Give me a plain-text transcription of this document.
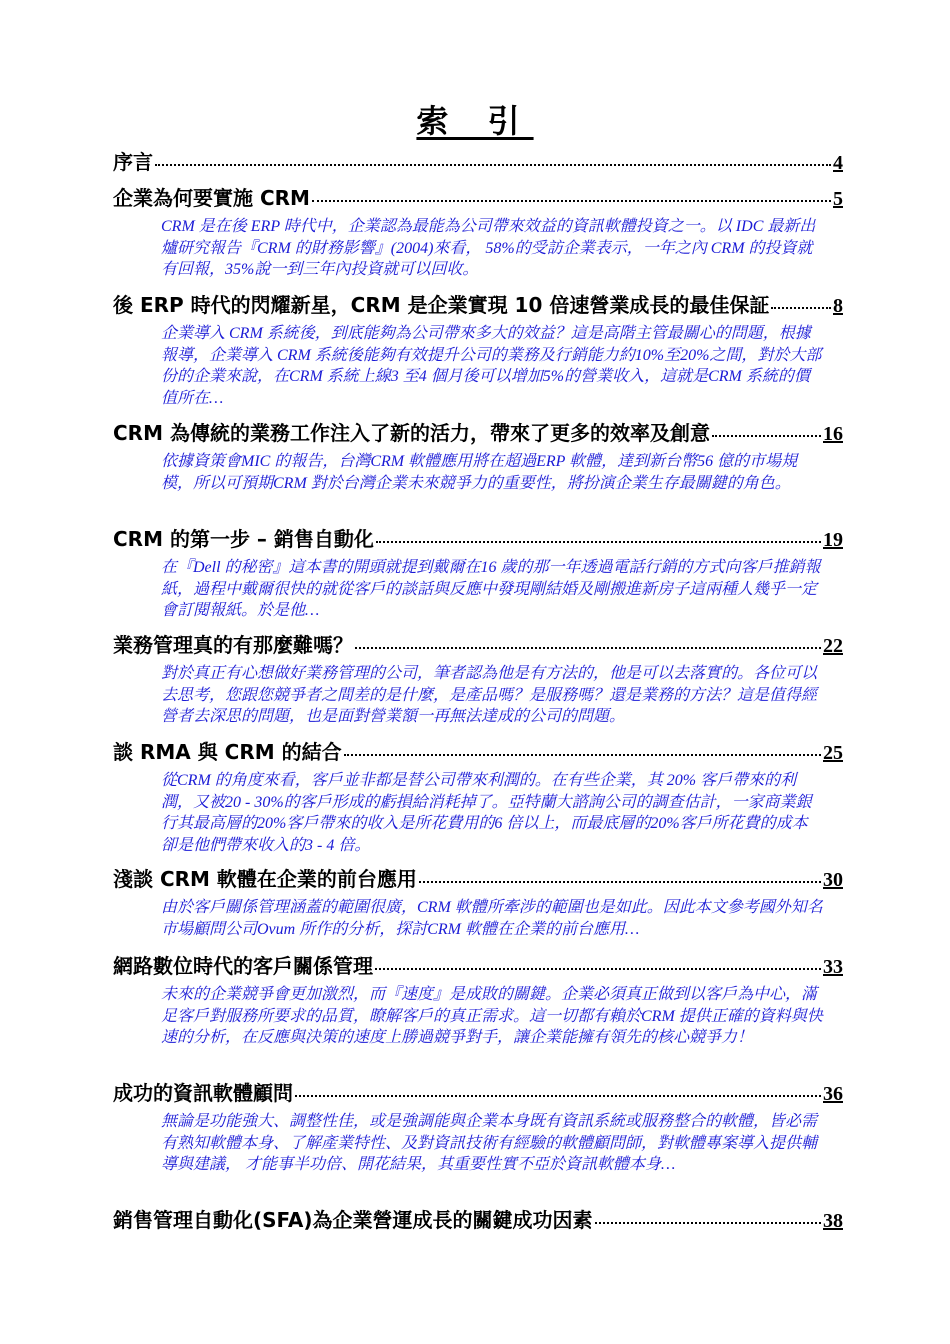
索 引
序言	4
企業為何要實施 CRM	5
CRM 是在後 ERP 時代中，企業認為最能為公司帶來效益的資訊軟體投資之一。以 IDC 最新出爐研究報告『CRM 的財務影響』(2004)來看， 58%的受訪企業表示，一年之內 CRM 的投資就有回報，35%說一到三年內投資就可以回收。
後 ERP 時代的閃耀新星，CRM 是企業實現 10 倍速營業成長的最佳保証	8
企業導入 CRM 系統後，到底能夠為公司帶來多大的效益？這是高階主管最關心的問題，根據報導，企業導入 CRM 系統後能夠有效提升公司的業務及行銷能力約10%至20%之間，對於大部份的企業來說，在CRM 系統上線3 至4 個月後可以增加5%的營業收入，這就是CRM 系統的價值所在…
CRM 為傳統的業務工作注入了新的活力，帶來了更多的效率及創意	16
依據資策會MIC 的報告，台灣CRM 軟體應用將在超過ERP 軟體，達到新台幣56 億的市場規模，所以可預期CRM 對於台灣企業未來競爭力的重要性，將扮演企業生存最關鍵的角色。
CRM 的第一步 – 銷售自動化	19
在『Dell 的秘密』這本書的開頭就提到戴爾在16 歲的那一年透過電話行銷的方式向客戶推銷報紙，過程中戴爾很快的就從客戶的談話與反應中發現剛結婚及剛搬進新房子這兩種人幾乎一定會訂閱報紙。於是他…
業務管理真的有那麼難嗎？	22
對於真正有心想做好業務管理的公司，筆者認為他是有方法的，他是可以去落實的。各位可以去思考，您跟您競爭者之間差的是什麼，是產品嗎？是服務嗎？還是業務的方法？這是值得經營者去深思的問題，也是面對營業額一再無法達成的公司的問題。
談 RMA 與 CRM 的結合	25
從CRM 的角度來看，客戶並非都是替公司帶來利潤的。在有些企業，其 20% 客戶帶來的利潤，又被20 - 30%的客戶形成的虧損給消耗掉了。亞特蘭大諮詢公司的調查估計，一家商業銀行其最高層的20%客戶帶來的收入是所花費用的6 倍以上，而最底層的20%客戶所花費的成本卻是他們帶來收入的3 - 4 倍。
淺談 CRM 軟體在企業的前台應用	30
由於客戶關係管理涵蓋的範圍很廣，CRM 軟體所牽涉的範圍也是如此。因此本文參考國外知名市場顧問公司Ovum 所作的分析，探討CRM 軟體在企業的前台應用…
網路數位時代的客戶關係管理	33
未來的企業競爭會更加激烈，而『速度』是成敗的關鍵。企業必須真正做到以客戶為中心，滿足客戶對服務所要求的品質，瞭解客戶的真正需求。這一切都有賴於CRM 提供正確的資料與快速的分析，在反應與決策的速度上勝過競爭對手，讓企業能擁有領先的核心競爭力！
成功的資訊軟體顧問	36
無論是功能強大、調整性佳，或是強調能與企業本身既有資訊系統或服務整合的軟體，皆必需有熟知軟體本身、了解產業特性、及對資訊技術有經驗的軟體顧問師，對軟體專案導入提供輔導與建議， 才能事半功倍、開花結果，其重要性實不亞於資訊軟體本身…
銷售管理自動化(SFA)為企業營運成長的關鍵成功因素	38
